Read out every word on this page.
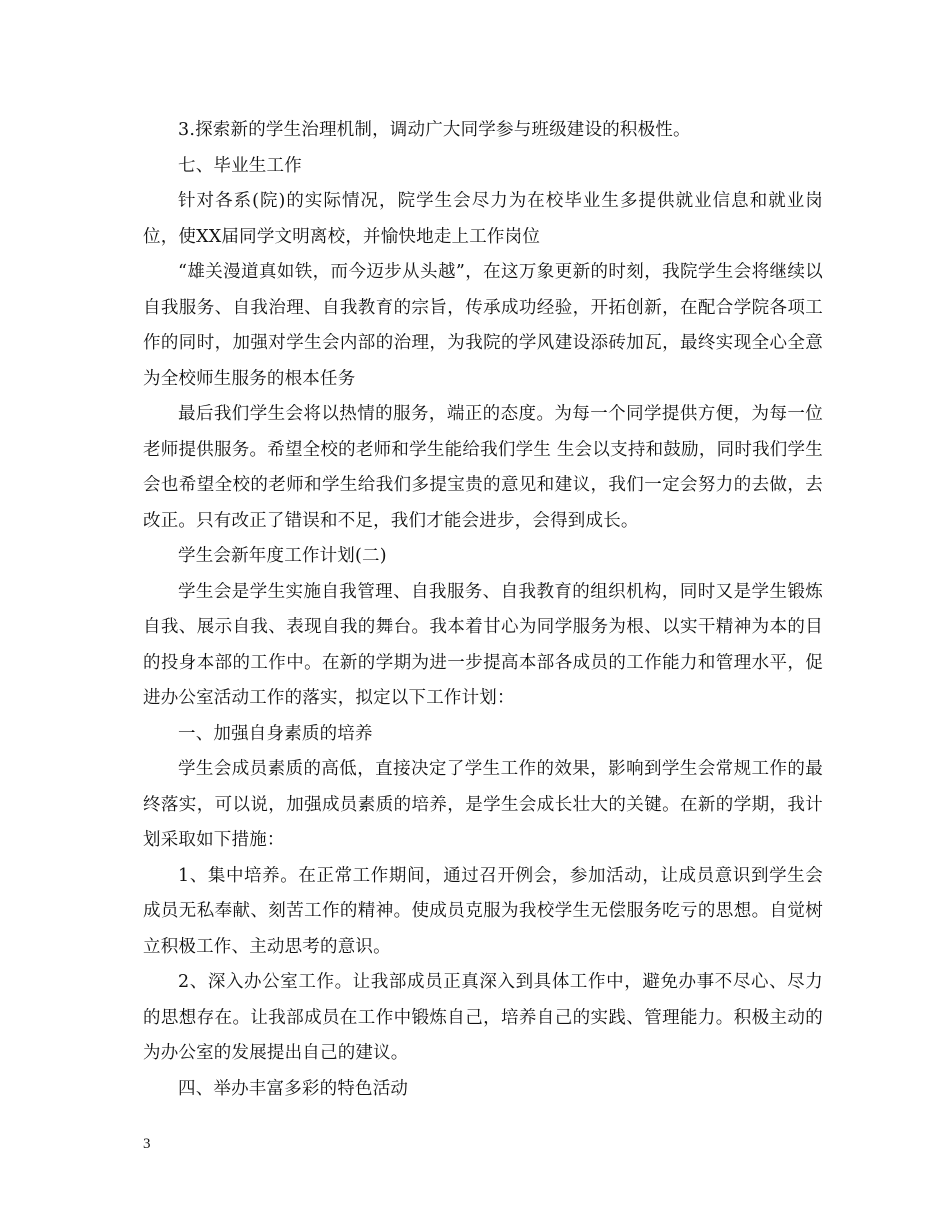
3.探索新的学生治理机制，调动广大同学参与班级建设的积极性。

七、毕业生工作

针对各系(院)的实际情况，院学生会尽力为在校毕业生多提供就业信息和就业岗位，使XX届同学文明离校，并愉快地走上工作岗位

“雄关漫道真如铁，而今迈步从头越”，在这万象更新的时刻，我院学生会将继续以自我服务、自我治理、自我教育的宗旨，传承成功经验，开拓创新，在配合学院各项工作的同时，加强对学生会内部的治理，为我院的学风建设添砖加瓦，最终实现全心全意为全校师生服务的根本任务

最后我们学生会将以热情的服务，端正的态度。为每一个同学提供方便，为每一位老师提供服务。希望全校的老师和学生能给我们学生 生会以支持和鼓励，同时我们学生会也希望全校的老师和学生给我们多提宝贵的意见和建议，我们一定会努力的去做，去改正。只有改正了错误和不足，我们才能会进步，会得到成长。

学生会新年度工作计划(二)

学生会是学生实施自我管理、自我服务、自我教育的组织机构，同时又是学生锻炼自我、展示自我、表现自我的舞台。我本着甘心为同学服务为根、以实干精神为本的目的投身本部的工作中。在新的学期为进一步提高本部各成员的工作能力和管理水平，促进办公室活动工作的落实，拟定以下工作计划：

一、加强自身素质的培养

学生会成员素质的高低，直接决定了学生工作的效果，影响到学生会常规工作的最终落实，可以说，加强成员素质的培养，是学生会成长壮大的关键。在新的学期，我计划采取如下措施：

1、集中培养。在正常工作期间，通过召开例会，参加活动，让成员意识到学生会成员无私奉献、刻苦工作的精神。使成员克服为我校学生无偿服务吃亏的思想。自觉树立积极工作、主动思考的意识。

2、深入办公室工作。让我部成员正真深入到具体工作中，避免办事不尽心、尽力的思想存在。让我部成员在工作中锻炼自己，培养自己的实践、管理能力。积极主动的为办公室的发展提出自己的建议。

四、举办丰富多彩的特色活动

3
